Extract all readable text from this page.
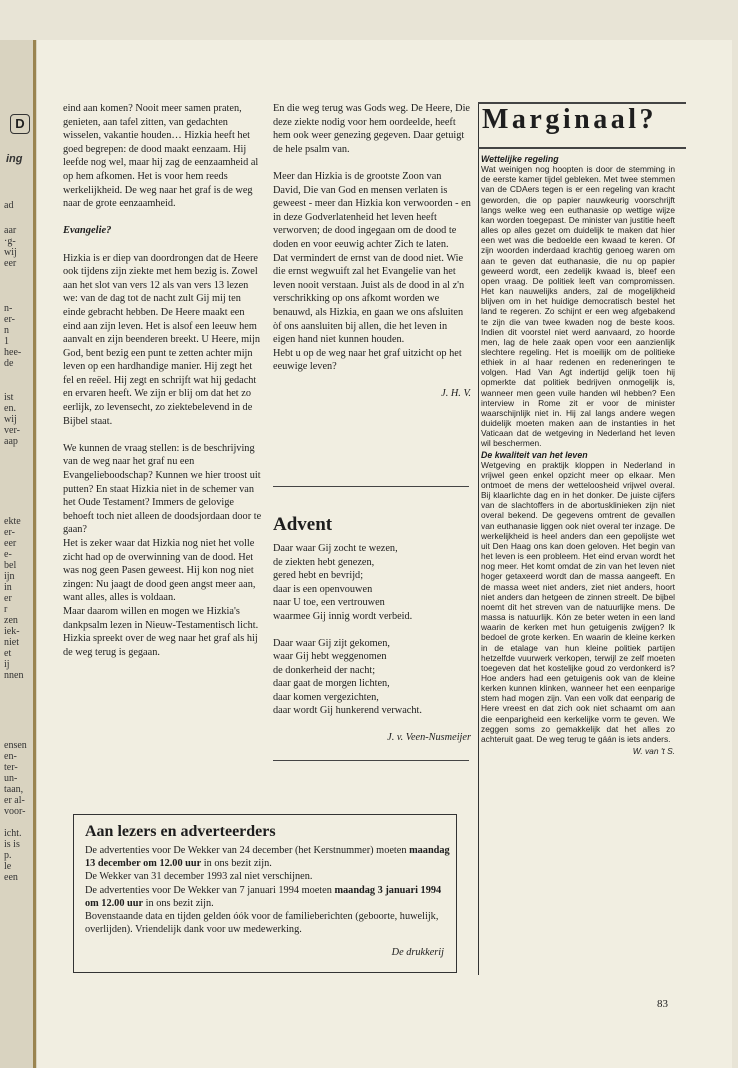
D
ing
ad
aar
·g-
wij
eer
n-
er-
n
1
hee-
de
ist
en.
wij
ver-
aap
ekte
er-
eer
e-
bel
ijn
in
er
r
zen
iek-
niet
et
ij
nnen
ensen
en-
ter-
un-
taan,
er al-
voor-

icht.
is is
p.
le
een

eind aan komen? Nooit meer samen praten, genieten, aan tafel zitten, van gedachten wisselen, vakantie houden… Hizkia heeft het goed begrepen: de dood maakt eenzaam. Hij leefde nog wel, maar hij zag de eenzaamheid al op hem afkomen. Het is voor hem reeds werkelijkheid. De weg naar het graf is de weg naar de grote eenzaamheid.

Evangelie?

Hizkia is er diep van doordrongen dat de Heere ook tijdens zijn ziekte met hem bezig is. Zowel aan het slot van vers 12 als van vers 13 lezen we: van de dag tot de nacht zult Gij mij ten einde gebracht hebben. De Heere maakt een eind aan zijn leven. Het is alsof een leeuw hem aanvalt en zijn beenderen breekt. U Heere, mijn God, bent bezig een punt te zetten achter mijn leven op een hardhandige manier. Hij zegt het fel en reëel. Hij zegt en schrijft wat hij gedacht en ervaren heeft. We zijn er blij om dat het zo eerlijk, zo levensecht, zo ziektebelevend in de Bijbel staat.

We kunnen de vraag stellen: is de beschrijving van de weg naar het graf nu een Evangelieboodschap? Kunnen we hier troost uit putten? En staat Hizkia niet in de schemer van het Oude Testament? Immers de gelovige behoeft toch niet alleen de doodsjordaan door te gaan?

Het is zeker waar dat Hizkia nog niet het volle zicht had op de overwinning van de dood. Het was nog geen Pasen geweest. Hij kon nog niet zingen: Nu jaagt de dood geen angst meer aan, want alles, alles is voldaan.

Maar daarom willen en mogen we Hizkia's dankpsalm lezen in Nieuw-Testamentisch licht. Hizkia spreekt over de weg naar het graf als hij de weg terug is gegaan.

En die weg terug was Gods weg. De Heere, Die deze ziekte nodig voor hem oordeelde, heeft hem ook weer genezing gegeven. Daar getuigt de hele psalm van.

Meer dan Hizkia is de grootste Zoon van David, Die van God en mensen verlaten is geweest - meer dan Hizkia kon verwoorden - en in deze Godverlatenheid het leven heeft verworven; de dood ingegaan om de dood te doden en voor eeuwig achter Zich te laten.

Dat vermindert de ernst van de dood niet. Wie die ernst wegwuift zal het Evangelie van het leven nooit verstaan. Juist als de dood in al z'n verschrikking op ons afkomt worden we benauwd, als Hizkia, en gaan we ons afsluiten òf ons aansluiten bij allen, die het leven in eigen hand niet kunnen houden.

Hebt u op de weg naar het graf uitzicht op het eeuwige leven?

J. H. V.

Advent
Daar waar Gij zocht te wezen,
de ziekten hebt genezen,
gered hebt en bevrijd;
daar is een openvouwen
naar U toe, een vertrouwen
waarmee Gij innig wordt verbeid.
Daar waar Gij zijt gekomen,
waar Gij hebt weggenomen
de donkerheid der nacht;
daar gaat de morgen lichten,
daar komen vergezichten,
daar wordt Gij hunkerend verwacht.
J. v. Veen-Nusmeijer
Marginaal?
Wettelijke regeling
Wat weinigen nog hoopten is door de stemming in de eerste kamer tijdel gebleken. Met twee stemmen van de CDAers tegen is er een regeling van kracht geworden, die op papier nauwkeurig voorschrijft langs welke weg een euthanasie op wettige wijze kan worden toegepast. De minister van justitie heeft alles op alles gezet om duidelijk te maken dat hier een wet was die bedoelde een kwaad te keren. Of zijn woorden inderdaad krachtig genoeg waren om aan te geven dat euthanasie, die nu op papier geweerd wordt, een zedelijk kwaad is, bleef een open vraag. De politiek leeft van compromissen. Het kan nauwelijks anders, zal de mogelijkheid blijven om in het huidige democratisch bestel het land te regeren. Zo schijnt er een weg afgebakend te zijn die van twee kwaden nog de beste koos. Indien dit voorstel niet werd aanvaard, zo hoorde men, lag de hele zaak open voor een aanzienlijk slechtere regeling. Het is moeilijk om de politieke ethiek in al haar redenen en redeneringen te volgen. Had Van Agt indertijd gelijk toen hij opmerkte dat politiek bedrijven onmogelijk is, wanneer men geen vuile handen wil hebben? Een interview in Rome zit er voor de minister waarschijnlijk niet in. Hij zal langs andere wegen duidelijk moeten maken aan de instanties in het Vaticaan dat de wetgeving in Nederland het leven wil beschermen.
De kwaliteit van het leven
Wetgeving en praktijk kloppen in Nederland in vrijwel geen enkel opzicht meer op elkaar. Men ontmoet de mens der wetteloosheid vrijwel overal. Bij klaarlichte dag en in het donker. De juiste cijfers van de slachtoffers in de abortusklinieken zijn niet overal bekend. De gegevens omtrent de gevallen van euthanasie liggen ook niet overal ter inzage. De werkelijkheid is heel anders dan een gepolijste wet uit Den Haag ons kan doen geloven. Het begin van het leven is een probleem. Het eind ervan wordt het nog meer. Het komt omdat de zin van het leven niet hoger getaxeerd wordt dan de massa aangeeft. En de massa weet niet anders, ziet niet anders, hoort niet anders dan hetgeen de zinnen streelt. De bijbel noemt dit het streven van de natuurlijke mens. De massa is natuurlijk. Kón ze beter weten in een land waarin de kerken met hun getuigenis zwijgen? Ik bedoel de grote kerken. En waarin de kleine kerken in de etalage van hun kleine politiek partijen hetzelfde vuurwerk verkopen, terwijl ze zelf moeten toegeven dat het kostelijke goud zo verdonkerd is? Hoe anders had een getuigenis ook van de kleine kerken kunnen klinken, wanneer het een eenparige stem had mogen zijn. Van een volk dat eenparig de Here vreest en dat zich ook niet schaamt om aan die eenparigheid een kerkelijke vorm te geven. We zeggen soms zo gemakkelijk dat het alles zo achteruit gaat. De weg terug te gáán is iets anders.
W. van 't S.
Aan lezers en adverteerders
De advertenties voor De Wekker van 24 december (het Kerstnummer) moeten maandag 13 december om 12.00 uur in ons bezit zijn.
De Wekker van 31 december 1993 zal niet verschijnen.
De advertenties voor De Wekker van 7 januari 1994 moeten maandag 3 januari 1994 om 12.00 uur in ons bezit zijn.
Bovenstaande data en tijden gelden óók voor de familieberichten (geboorte, huwelijk, overlijden). Vriendelijk dank voor uw medewerking.
De drukkerij
83
